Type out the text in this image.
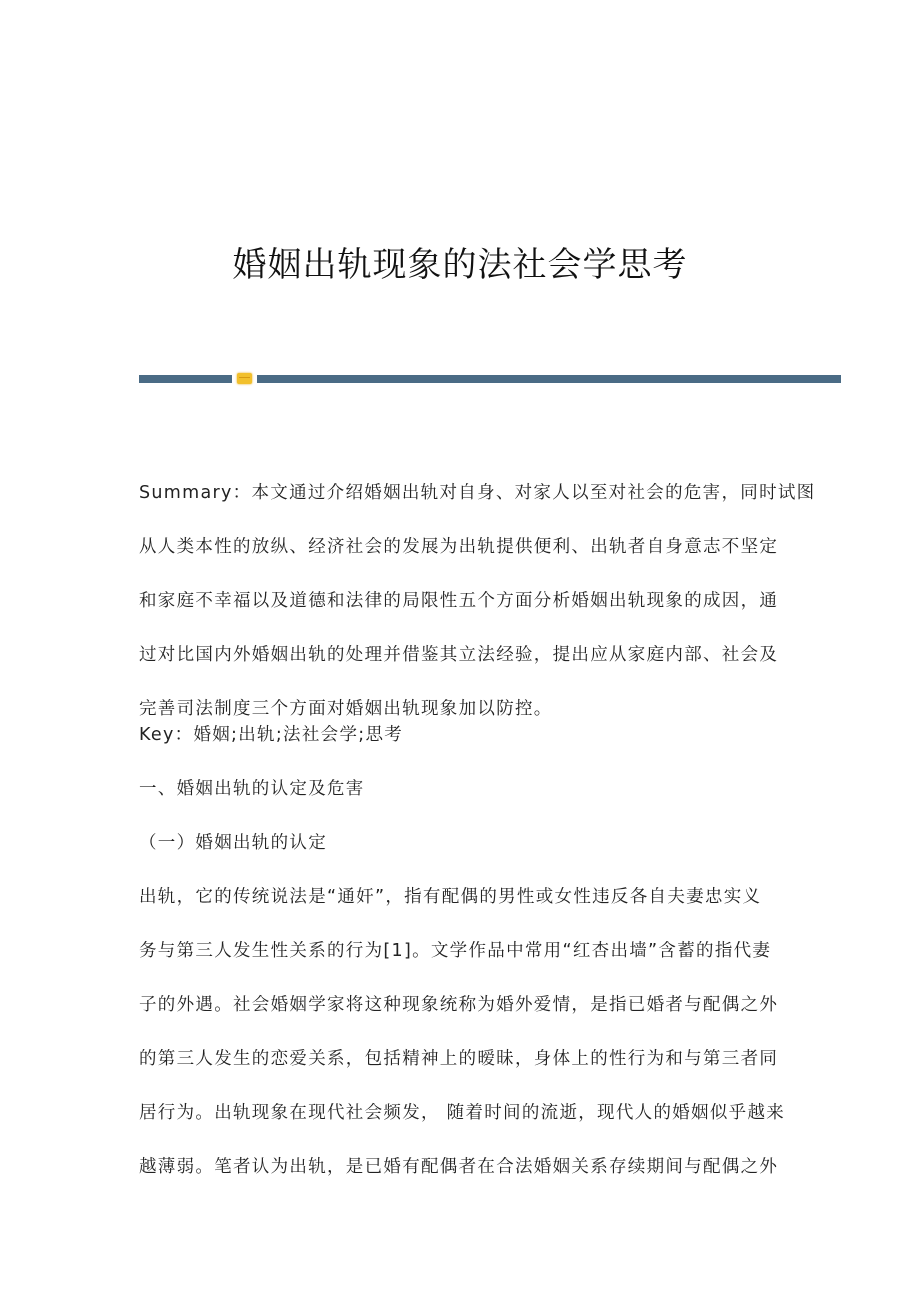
婚姻出轨现象的法社会学思考
Summary：本文通过介绍婚姻出轨对自身、对家人以至对社会的危害，同时试图
从人类本性的放纵、经济社会的发展为出轨提供便利、出轨者自身意志不坚定
和家庭不幸福以及道德和法律的局限性五个方面分析婚姻出轨现象的成因，通
过对比国内外婚姻出轨的处理并借鉴其立法经验，提出应从家庭内部、社会及
完善司法制度三个方面对婚姻出轨现象加以防控。
Key：婚姻;出轨;法社会学;思考
一、婚姻出轨的认定及危害
（一）婚姻出轨的认定
出轨，它的传统说法是“通奸”，指有配偶的男性或女性违反各自夫妻忠实义
务与第三人发生性关系的行为[1]。文学作品中常用“红杏出墙”含蓄的指代妻
子的外遇。社会婚姻学家将这种现象统称为婚外爱情，是指已婚者与配偶之外
的第三人发生的恋爱关系，包括精神上的暧昧，身体上的性行为和与第三者同
居行为。出轨现象在现代社会频发， 随着时间的流逝，现代人的婚姻似乎越来
越薄弱。笔者认为出轨，是已婚有配偶者在合法婚姻关系存续期间与配偶之外
